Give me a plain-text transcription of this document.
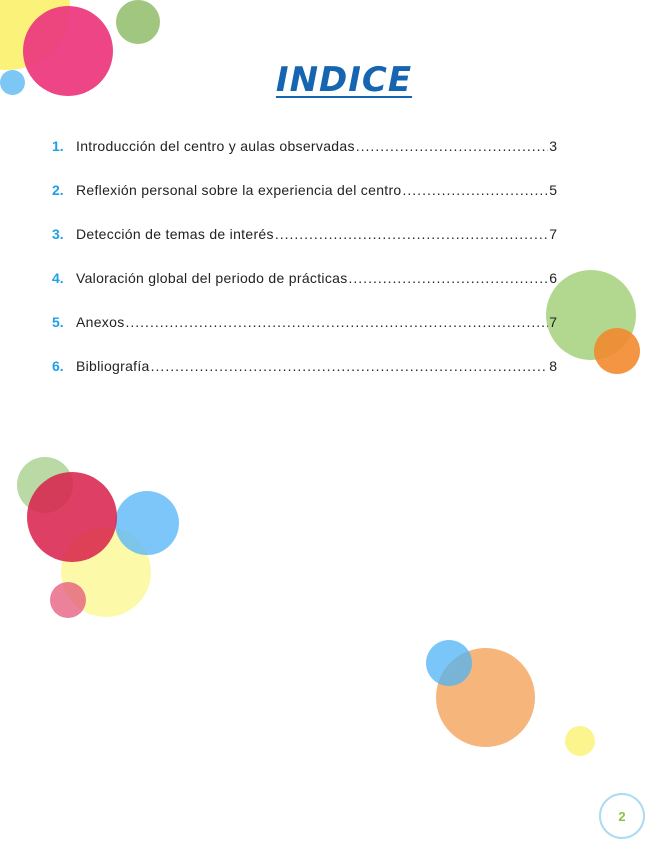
INDICE
1. Introducción del centro y aulas observadas .....	3
2. Reflexión personal sobre la experiencia del centro .....	5
3. Detección de temas de interés .....	7
4. Valoración global del periodo de prácticas .....	6
5. Anexos .....	7
6. Bibliografía .....	8
2
